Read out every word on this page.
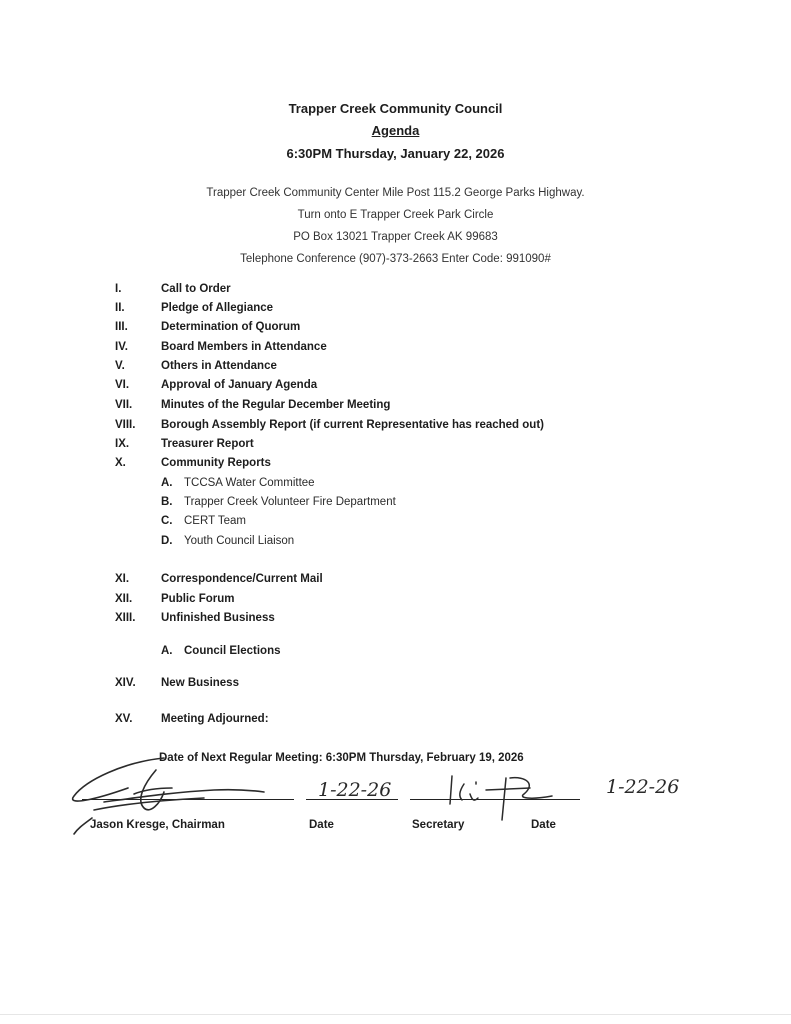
Trapper Creek Community Council
Agenda
6:30PM Thursday, January 22, 2026
Trapper Creek Community Center Mile Post 115.2 George Parks Highway.
Turn onto E Trapper Creek Park Circle
PO Box 13021 Trapper Creek AK 99683
Telephone Conference (907)-373-2663 Enter Code: 991090#
I.	Call to Order
II.	Pledge of Allegiance
III.	Determination of Quorum
IV.	Board Members in Attendance
V.	Others in Attendance
VI.	Approval of January Agenda
VII. Minutes of the Regular December Meeting
VIII. Borough Assembly Report (if current Representative has reached out)
IX.	Treasurer Report
X.	Community Reports
A. TCCSA Water Committee
B. Trapper Creek Volunteer Fire Department
C. CERT Team
D. Youth Council Liaison
XI.	Correspondence/Current Mail
XII. Public Forum
XIII. Unfinished Business
A. Council Elections
XIV. New Business
XV. Meeting Adjourned:
Date of Next Regular Meeting: 6:30PM Thursday, February 19, 2026
1-22-26	1-22-26
Jason Kresge, Chairman	Date	Secretary	Date
